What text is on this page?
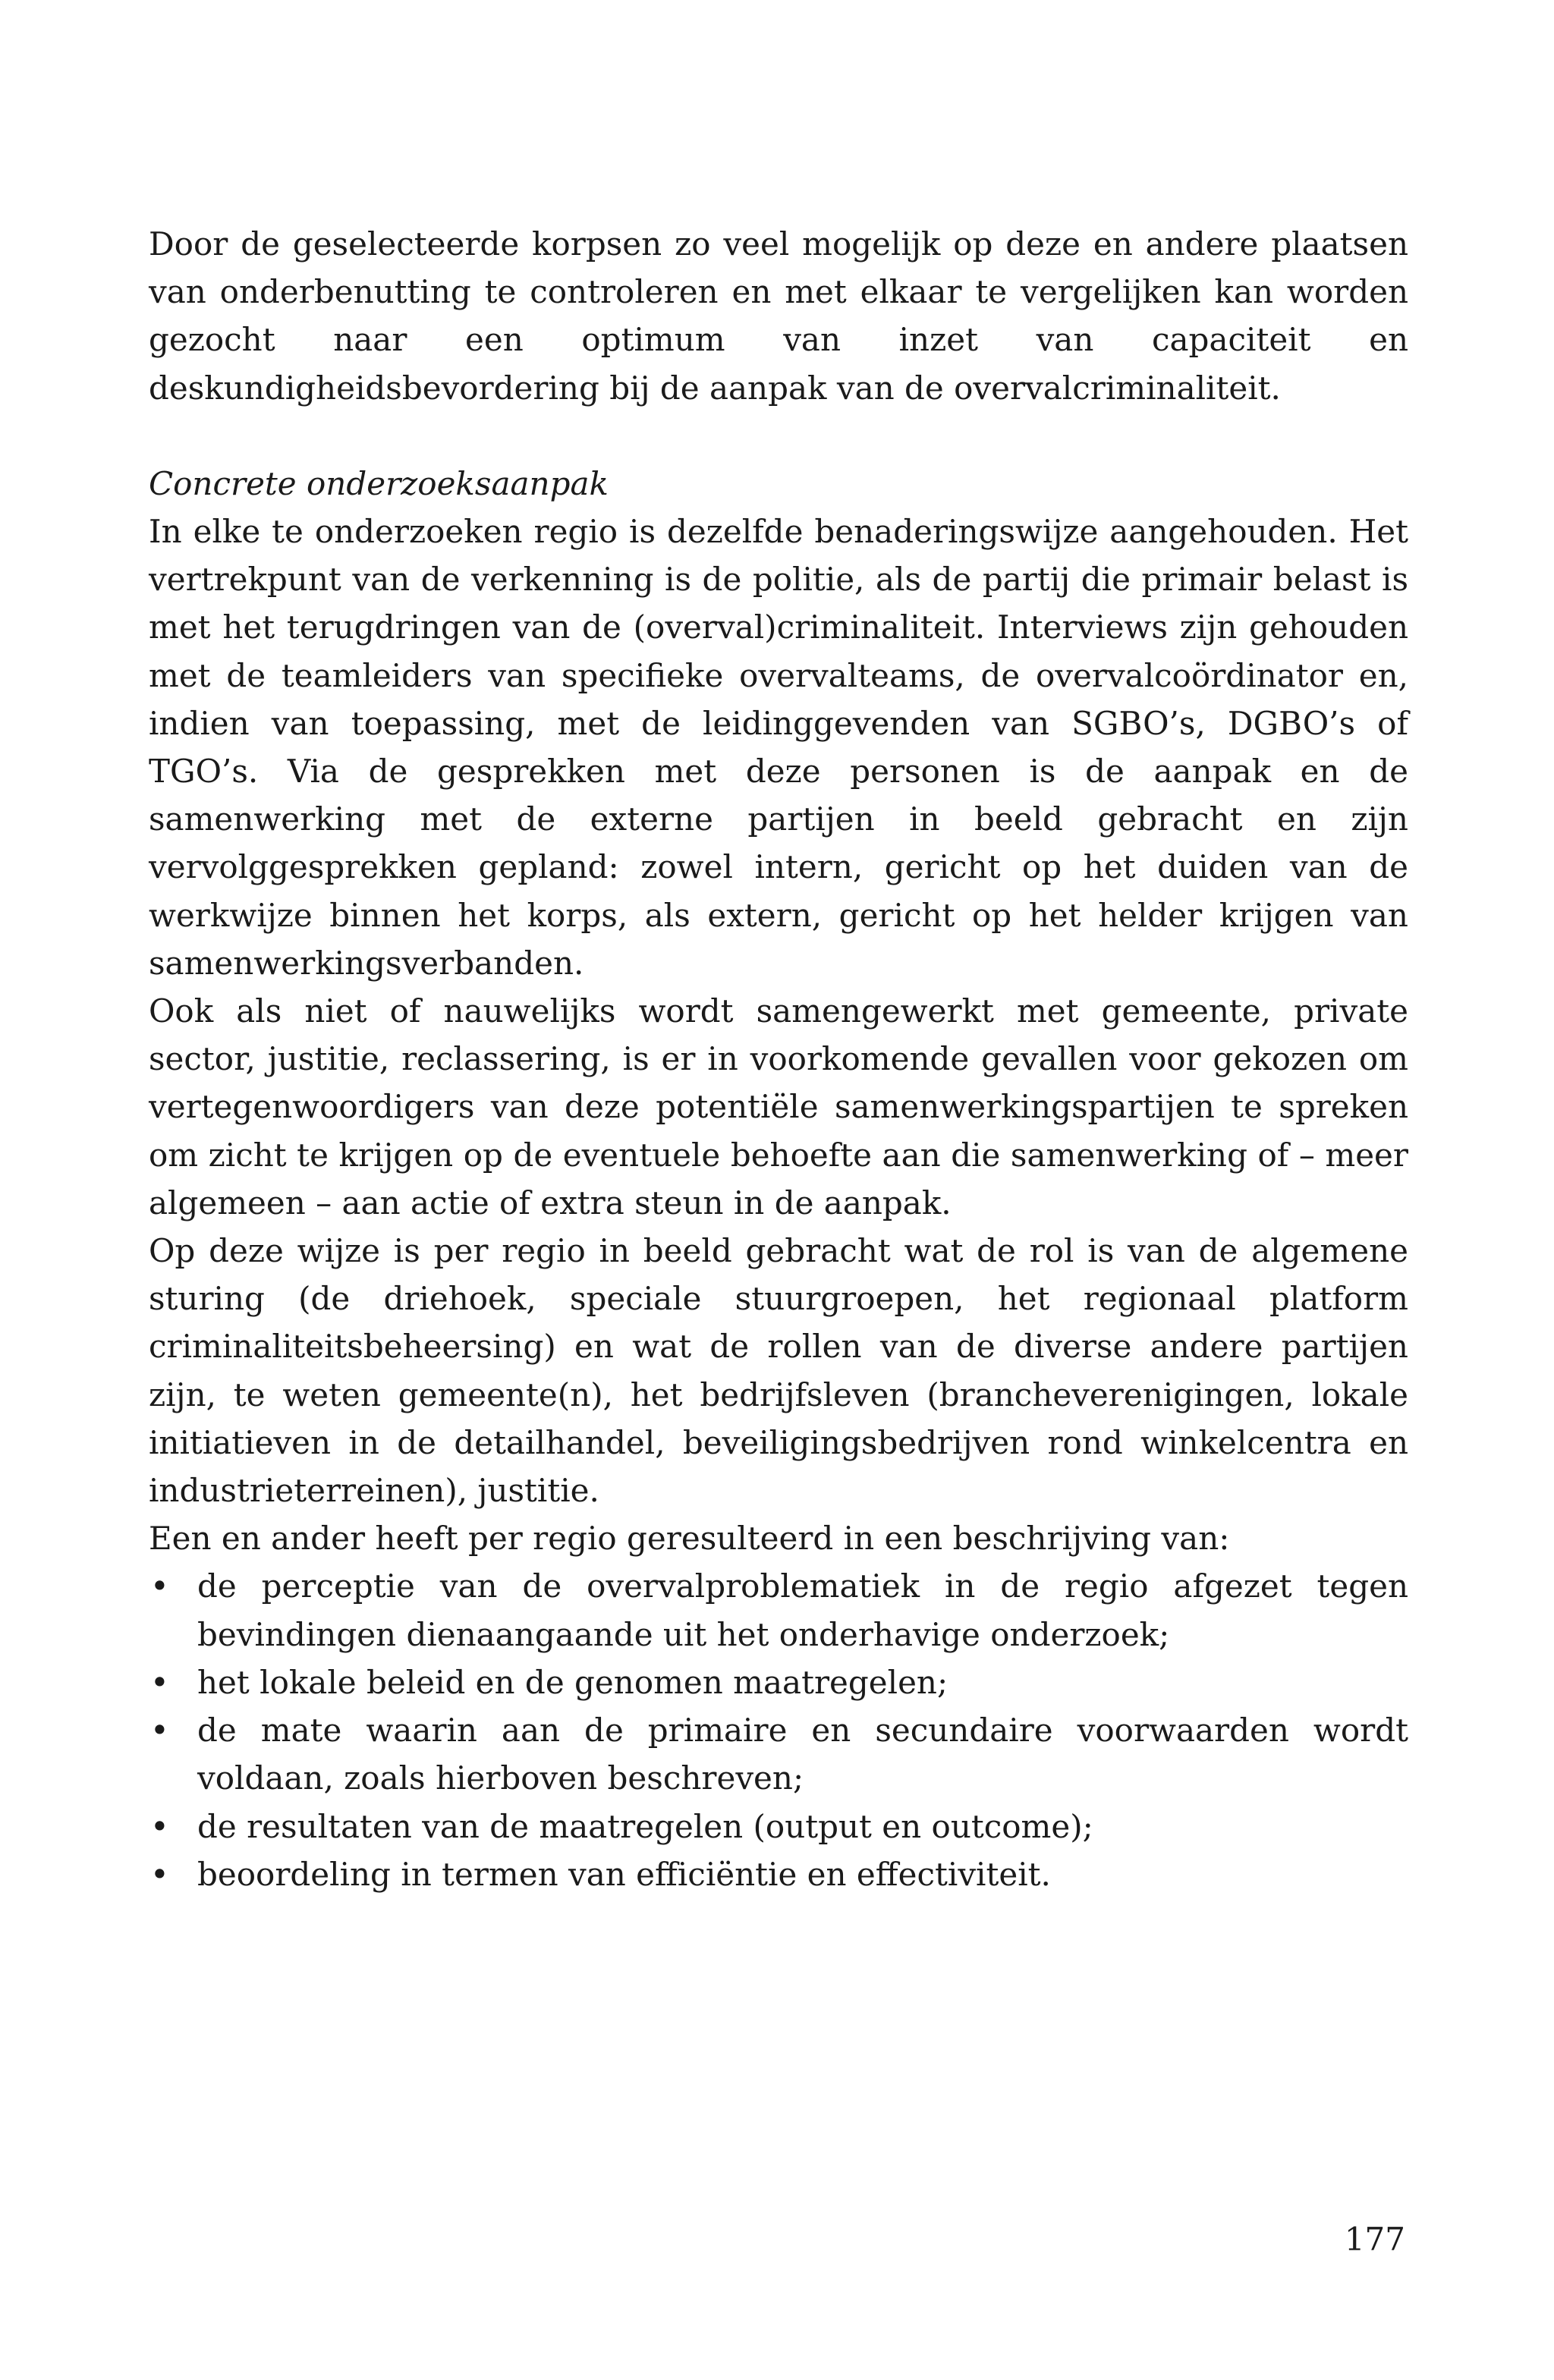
Door de geselecteerde korpsen zo veel mogelijk op deze en andere plaatsen van onderbenutting te controleren en met elkaar te vergelijken kan worden gezocht naar een optimum van inzet van capaciteit en deskundigheidsbevordering bij de aanpak van de overvalcriminaliteit.

Concrete onderzoeksaanpak

In elke te onderzoeken regio is dezelfde benaderingswijze aangehouden. Het vertrekpunt van de verkenning is de politie, als de partij die primair belast is met het terugdringen van de (overval)criminaliteit. Interviews zijn gehouden met de teamleiders van specifieke overvalteams, de overvalcoördinator en, indien van toepassing, met de leidinggevenden van SGBO’s, DGBO’s of TGO’s. Via de gesprekken met deze personen is de aanpak en de samenwerking met de externe partijen in beeld gebracht en zijn vervolggesprekken gepland: zowel intern, gericht op het duiden van de werkwijze binnen het korps, als extern, gericht op het helder krijgen van samenwerkingsverbanden.

Ook als niet of nauwelijks wordt samengewerkt met gemeente, private sector, justitie, reclassering, is er in voorkomende gevallen voor gekozen om vertegenwoordigers van deze potentiële samenwerkingspartijen te spreken om zicht te krijgen op de eventuele behoefte aan die samenwerking of – meer algemeen – aan actie of extra steun in de aanpak.

Op deze wijze is per regio in beeld gebracht wat de rol is van de algemene sturing (de driehoek, speciale stuurgroepen, het regionaal platform criminaliteitsbeheersing) en wat de rollen van de diverse andere partijen zijn, te weten gemeente(n), het bedrijfsleven (brancheverenigingen, lokale initiatieven in de detailhandel, beveiligingsbedrijven rond winkelcentra en industrieterreinen), justitie.

Een en ander heeft per regio geresulteerd in een beschrijving van:

• de perceptie van de overvalproblematiek in de regio afgezet tegen bevindingen dienaangaande uit het onderhavige onderzoek;
• het lokale beleid en de genomen maatregelen;
• de mate waarin aan de primaire en secundaire voorwaarden wordt voldaan, zoals hierboven beschreven;
• de resultaten van de maatregelen (output en outcome);
• beoordeling in termen van efficiëntie en effectiviteit.
177
